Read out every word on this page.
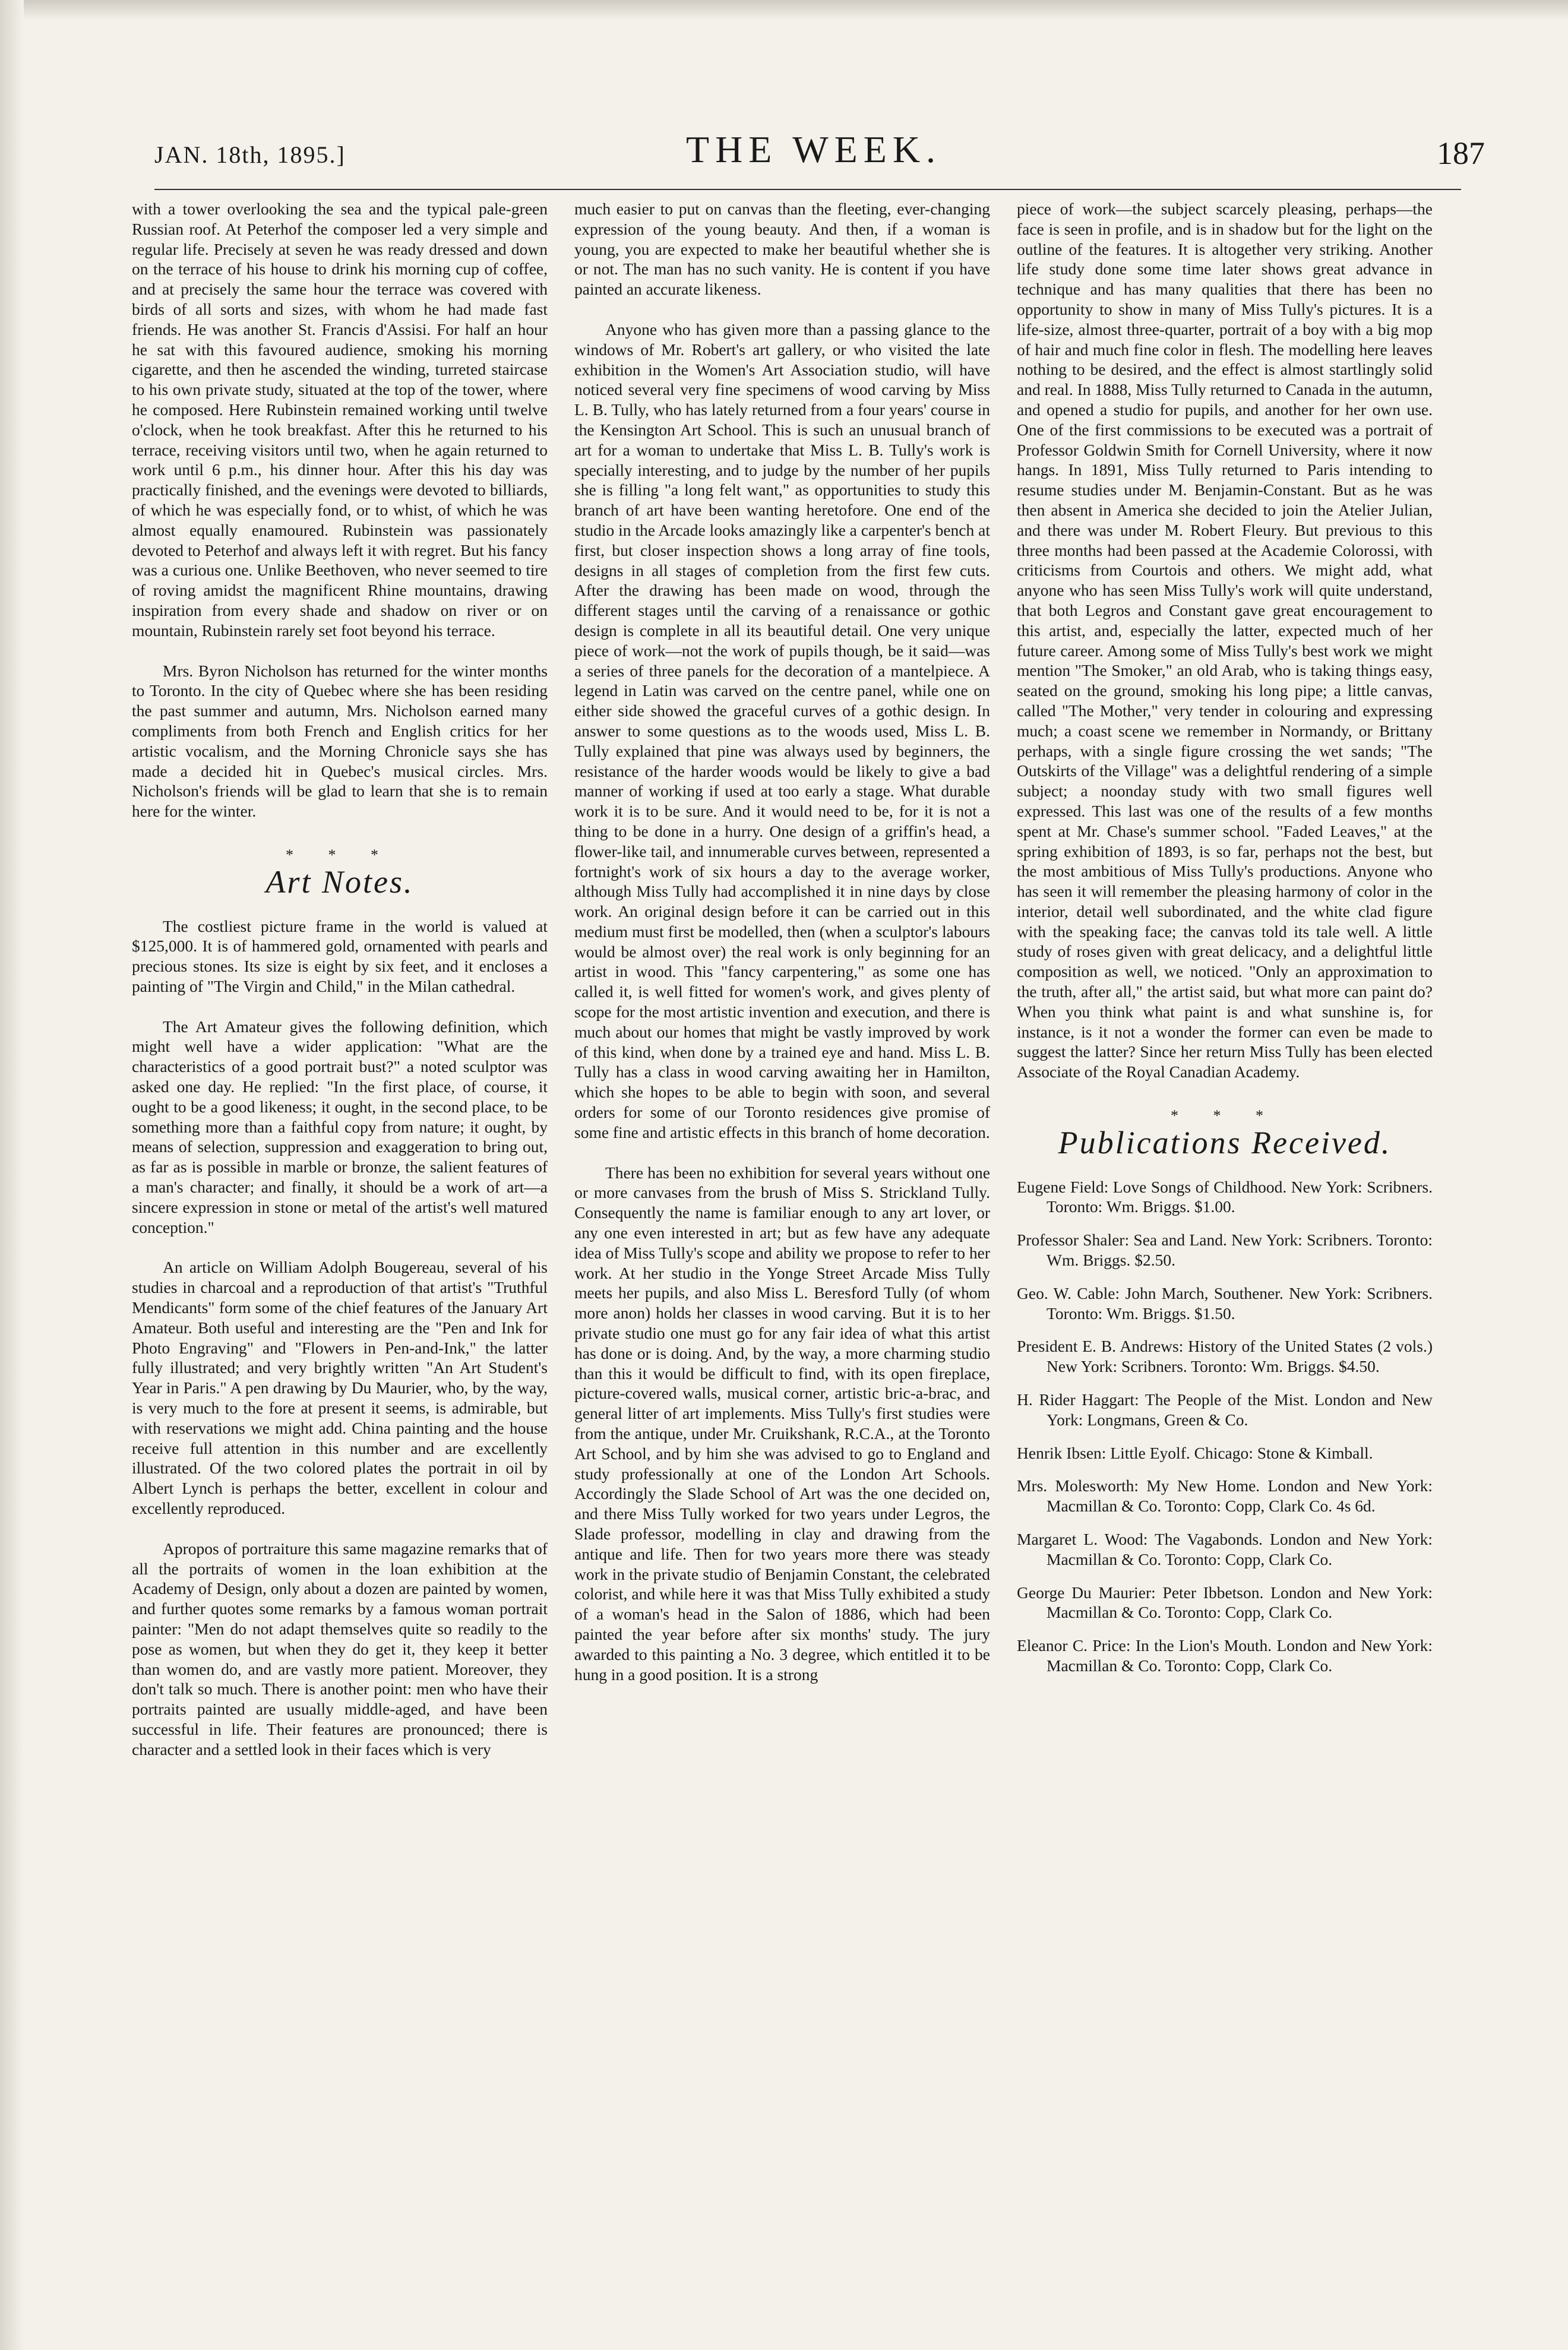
JAN. 18th, 1895.]	THE WEEK.	187

with a tower overlooking the sea and the typical pale-green Russian roof. At Peterhof the composer led a very simple and regular life. Precisely at seven he was ready dressed and down on the terrace of his house to drink his morning cup of coffee, and at precisely the same hour the terrace was covered with birds of all sorts and sizes, with whom he had made fast friends. He was another St. Francis d'Assisi. For half an hour he sat with this favoured audience, smoking his morning cigarette, and then he ascended the winding, turreted staircase to his own private study, situated at the top of the tower, where he composed. Here Rubinstein remained working until twelve o'clock, when he took breakfast. After this he returned to his terrace, receiving visitors until two, when he again returned to work until 6 p.m., his dinner hour. After this his day was practically finished, and the evenings were devoted to billiards, of which he was especially fond, or to whist, of which he was almost equally enamoured. Rubinstein was passionately devoted to Peterhof and always left it with regret. But his fancy was a curious one. Unlike Beethoven, who never seemed to tire of roving amidst the magnificent Rhine mountains, drawing inspiration from every shade and shadow on river or on mountain, Rubinstein rarely set foot beyond his terrace.

Mrs. Byron Nicholson has returned for the winter months to Toronto. In the city of Quebec where she has been residing the past summer and autumn, Mrs. Nicholson earned many compliments from both French and English critics for her artistic vocalism, and the Morning Chronicle says she has made a decided hit in Quebec's musical circles. Mrs. Nicholson's friends will be glad to learn that she is to remain here for the winter.

* * *
Art Notes.

The costliest picture frame in the world is valued at $125,000. It is of hammered gold, ornamented with pearls and precious stones. Its size is eight by six feet, and it encloses a painting of "The Virgin and Child," in the Milan cathedral.

The Art Amateur gives the following definition, which might well have a wider application: "What are the characteristics of a good portrait bust?" a noted sculptor was asked one day. He replied: "In the first place, of course, it ought to be a good likeness; it ought, in the second place, to be something more than a faithful copy from nature; it ought, by means of selection, suppression and exaggeration to bring out, as far as is possible in marble or bronze, the salient features of a man's character; and finally, it should be a work of art—a sincere expression in stone or metal of the artist's well matured conception."

An article on William Adolph Bougereau, several of his studies in charcoal and a reproduction of that artist's "Truthful Mendicants" form some of the chief features of the January Art Amateur. Both useful and interesting are the "Pen and Ink for Photo Engraving" and "Flowers in Pen-and-Ink," the latter fully illustrated; and very brightly written "An Art Student's Year in Paris." A pen drawing by Du Maurier, who, by the way, is very much to the fore at present it seems, is admirable, but with reservations we might add. China painting and the house receive full attention in this number and are excellently illustrated. Of the two colored plates the portrait in oil by Albert Lynch is perhaps the better, excellent in colour and excellently reproduced.

Apropos of portraiture this same magazine remarks that of all the portraits of women in the loan exhibition at the Academy of Design, only about a dozen are painted by women, and further quotes some remarks by a famous woman portrait painter: "Men do not adapt themselves quite so readily to the pose as women, but when they do get it, they keep it better than women do, and are vastly more patient. Moreover, they don't talk so much. There is another point: men who have their portraits painted are usually middle-aged, and have been successful in life. Their features are pronounced; there is character and a settled look in their faces which is very

much easier to put on canvas than the fleeting, ever-changing expression of the young beauty. And then, if a woman is young, you are expected to make her beautiful whether she is or not. The man has no such vanity. He is content if you have painted an accurate likeness.

Anyone who has given more than a passing glance to the windows of Mr. Robert's art gallery, or who visited the late exhibition in the Women's Art Association studio, will have noticed several very fine specimens of wood carving by Miss L. B. Tully, who has lately returned from a four years' course in the Kensington Art School. This is such an unusual branch of art for a woman to undertake that Miss L. B. Tully's work is specially interesting, and to judge by the number of her pupils she is filling "a long felt want," as opportunities to study this branch of art have been wanting heretofore. One end of the studio in the Arcade looks amazingly like a carpenter's bench at first, but closer inspection shows a long array of fine tools, designs in all stages of completion from the first few cuts. After the drawing has been made on wood, through the different stages until the carving of a renaissance or gothic design is complete in all its beautiful detail. One very unique piece of work—not the work of pupils though, be it said—was a series of three panels for the decoration of a mantelpiece. A legend in Latin was carved on the centre panel, while one on either side showed the graceful curves of a gothic design. In answer to some questions as to the woods used, Miss L. B. Tully explained that pine was always used by beginners, the resistance of the harder woods would be likely to give a bad manner of working if used at too early a stage. What durable work it is to be sure. And it would need to be, for it is not a thing to be done in a hurry. One design of a griffin's head, a flower-like tail, and innumerable curves between, represented a fortnight's work of six hours a day to the average worker, although Miss Tully had accomplished it in nine days by close work. An original design before it can be carried out in this medium must first be modelled, then (when a sculptor's labours would be almost over) the real work is only beginning for an artist in wood. This "fancy carpentering," as some one has called it, is well fitted for women's work, and gives plenty of scope for the most artistic invention and execution, and there is much about our homes that might be vastly improved by work of this kind, when done by a trained eye and hand. Miss L. B. Tully has a class in wood carving awaiting her in Hamilton, which she hopes to be able to begin with soon, and several orders for some of our Toronto residences give promise of some fine and artistic effects in this branch of home decoration.

There has been no exhibition for several years without one or more canvases from the brush of Miss S. Strickland Tully. Consequently the name is familiar enough to any art lover, or any one even interested in art; but as few have any adequate idea of Miss Tully's scope and ability we propose to refer to her work. At her studio in the Yonge Street Arcade Miss Tully meets her pupils, and also Miss L. Beresford Tully (of whom more anon) holds her classes in wood carving. But it is to her private studio one must go for any fair idea of what this artist has done or is doing. And, by the way, a more charming studio than this it would be difficult to find, with its open fireplace, picture-covered walls, musical corner, artistic bric-a-brac, and general litter of art implements. Miss Tully's first studies were from the antique, under Mr. Cruikshank, R.C.A., at the Toronto Art School, and by him she was advised to go to England and study professionally at one of the London Art Schools. Accordingly the Slade School of Art was the one decided on, and there Miss Tully worked for two years under Legros, the Slade professor, modelling in clay and drawing from the antique and life. Then for two years more there was steady work in the private studio of Benjamin Constant, the celebrated colorist, and while here it was that Miss Tully exhibited a study of a woman's head in the Salon of 1886, which had been painted the year before after six months' study. The jury awarded to this painting a No. 3 degree, which entitled it to be hung in a good position. It is a strong

piece of work—the subject scarcely pleasing, perhaps—the face is seen in profile, and is in shadow but for the light on the outline of the features. It is altogether very striking. Another life study done some time later shows great advance in technique and has many qualities that there has been no opportunity to show in many of Miss Tully's pictures. It is a life-size, almost three-quarter, portrait of a boy with a big mop of hair and much fine color in flesh. The modelling here leaves nothing to be desired, and the effect is almost startlingly solid and real. In 1888, Miss Tully returned to Canada in the autumn, and opened a studio for pupils, and another for her own use. One of the first commissions to be executed was a portrait of Professor Goldwin Smith for Cornell University, where it now hangs. In 1891, Miss Tully returned to Paris intending to resume studies under M. Benjamin-Constant. But as he was then absent in America she decided to join the Atelier Julian, and there was under M. Robert Fleury. But previous to this three months had been passed at the Academie Colorossi, with criticisms from Courtois and others. We might add, what anyone who has seen Miss Tully's work will quite understand, that both Legros and Constant gave great encouragement to this artist, and, especially the latter, expected much of her future career. Among some of Miss Tully's best work we might mention "The Smoker," an old Arab, who is taking things easy, seated on the ground, smoking his long pipe; a little canvas, called "The Mother," very tender in colouring and expressing much; a coast scene we remember in Normandy, or Brittany perhaps, with a single figure crossing the wet sands; "The Outskirts of the Village" was a delightful rendering of a simple subject; a noonday study with two small figures well expressed. This last was one of the results of a few months spent at Mr. Chase's summer school. "Faded Leaves," at the spring exhibition of 1893, is so far, perhaps not the best, but the most ambitious of Miss Tully's productions. Anyone who has seen it will remember the pleasing harmony of color in the interior, detail well subordinated, and the white clad figure with the speaking face; the canvas told its tale well. A little study of roses given with great delicacy, and a delightful little composition as well, we noticed. "Only an approximation to the truth, after all," the artist said, but what more can paint do? When you think what paint is and what sunshine is, for instance, is it not a wonder the former can even be made to suggest the latter? Since her return Miss Tully has been elected Associate of the Royal Canadian Academy.

* * *
Publications Received.
Eugene Field: Love Songs of Childhood. New York: Scribners. Toronto: Wm. Briggs. $1.00.
Professor Shaler: Sea and Land. New York: Scribners. Toronto: Wm. Briggs. $2.50.
Geo. W. Cable: John March, Southener. New York: Scribners. Toronto: Wm. Briggs. $1.50.
President E. B. Andrews: History of the United States (2 vols.) New York: Scribners. Toronto: Wm. Briggs. $4.50.
H. Rider Haggart: The People of the Mist. London and New York: Longmans, Green & Co.
Henrik Ibsen: Little Eyolf. Chicago: Stone & Kimball.
Mrs. Molesworth: My New Home. London and New York: Macmillan & Co. Toronto: Copp, Clark Co. 4s 6d.
Margaret L. Wood: The Vagabonds. London and New York: Macmillan & Co. Toronto: Copp, Clark Co.
George Du Maurier: Peter Ibbetson. London and New York: Macmillan & Co. Toronto: Copp, Clark Co.
Eleanor C. Price: In the Lion's Mouth. London and New York: Macmillan & Co. Toronto: Copp, Clark Co.
